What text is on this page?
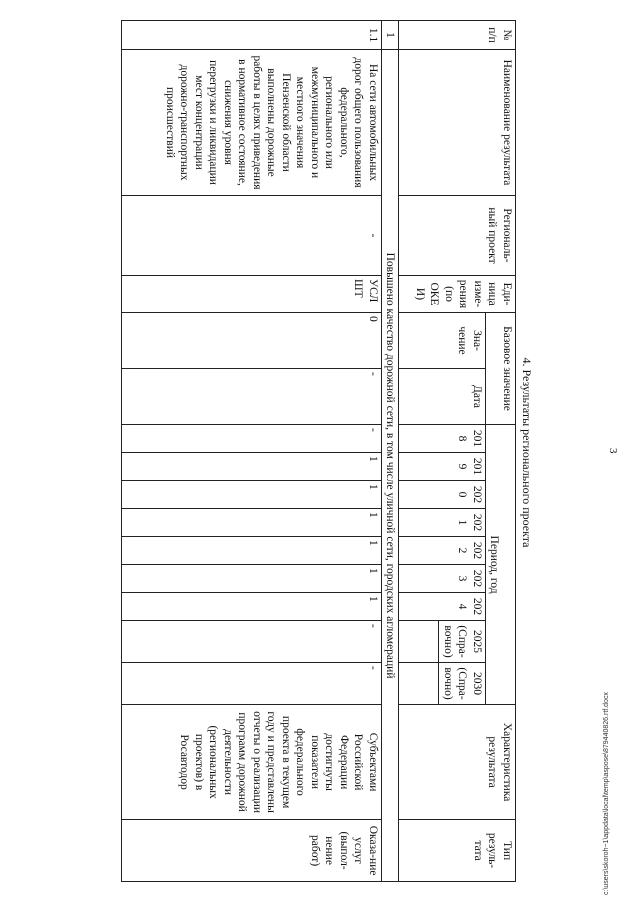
3
4. Результаты регионального проекта
№ п/п	Наименование результата	Региональ-ный проект	Еди-ница изме-рения (по ОКЕИ)	Базовое значение		Период, год									Характеристика результата	Тип резуль-тата
				Зна-чение	Дата	2018	2019	2020	2021	2022	2023	2024	2025 (Спра-вочно)	2030 (Спра-вочно)		

1	Повышено качество дорожной сети, в том числе уличной сети, городских агломераций															
1.1	На сети автомобильных дорог общего пользования федерального, регионального или межмуниципального и местного значения Пензенской области выполнены дорожные работы в целях приведения в нормативное состояние, снижения уровня перегрузки и ликвидации мест концентрации дорожно-транспортных происшествий	-	УСЛ ШТ	0	-	-	1	1	1	1	1	1	-	-	Субъектами Российской Федерации достигнуты показатели федерального проекта в текущем году и представлены отчеты о реализации программ дорожной деятельности (региональных проектов) в Росавтодор	Оказа-ние услуг (выпол-нение работ)	c:\users\skoroh~1\appdata\local\temp\aspose\879440826.rtf.docx
